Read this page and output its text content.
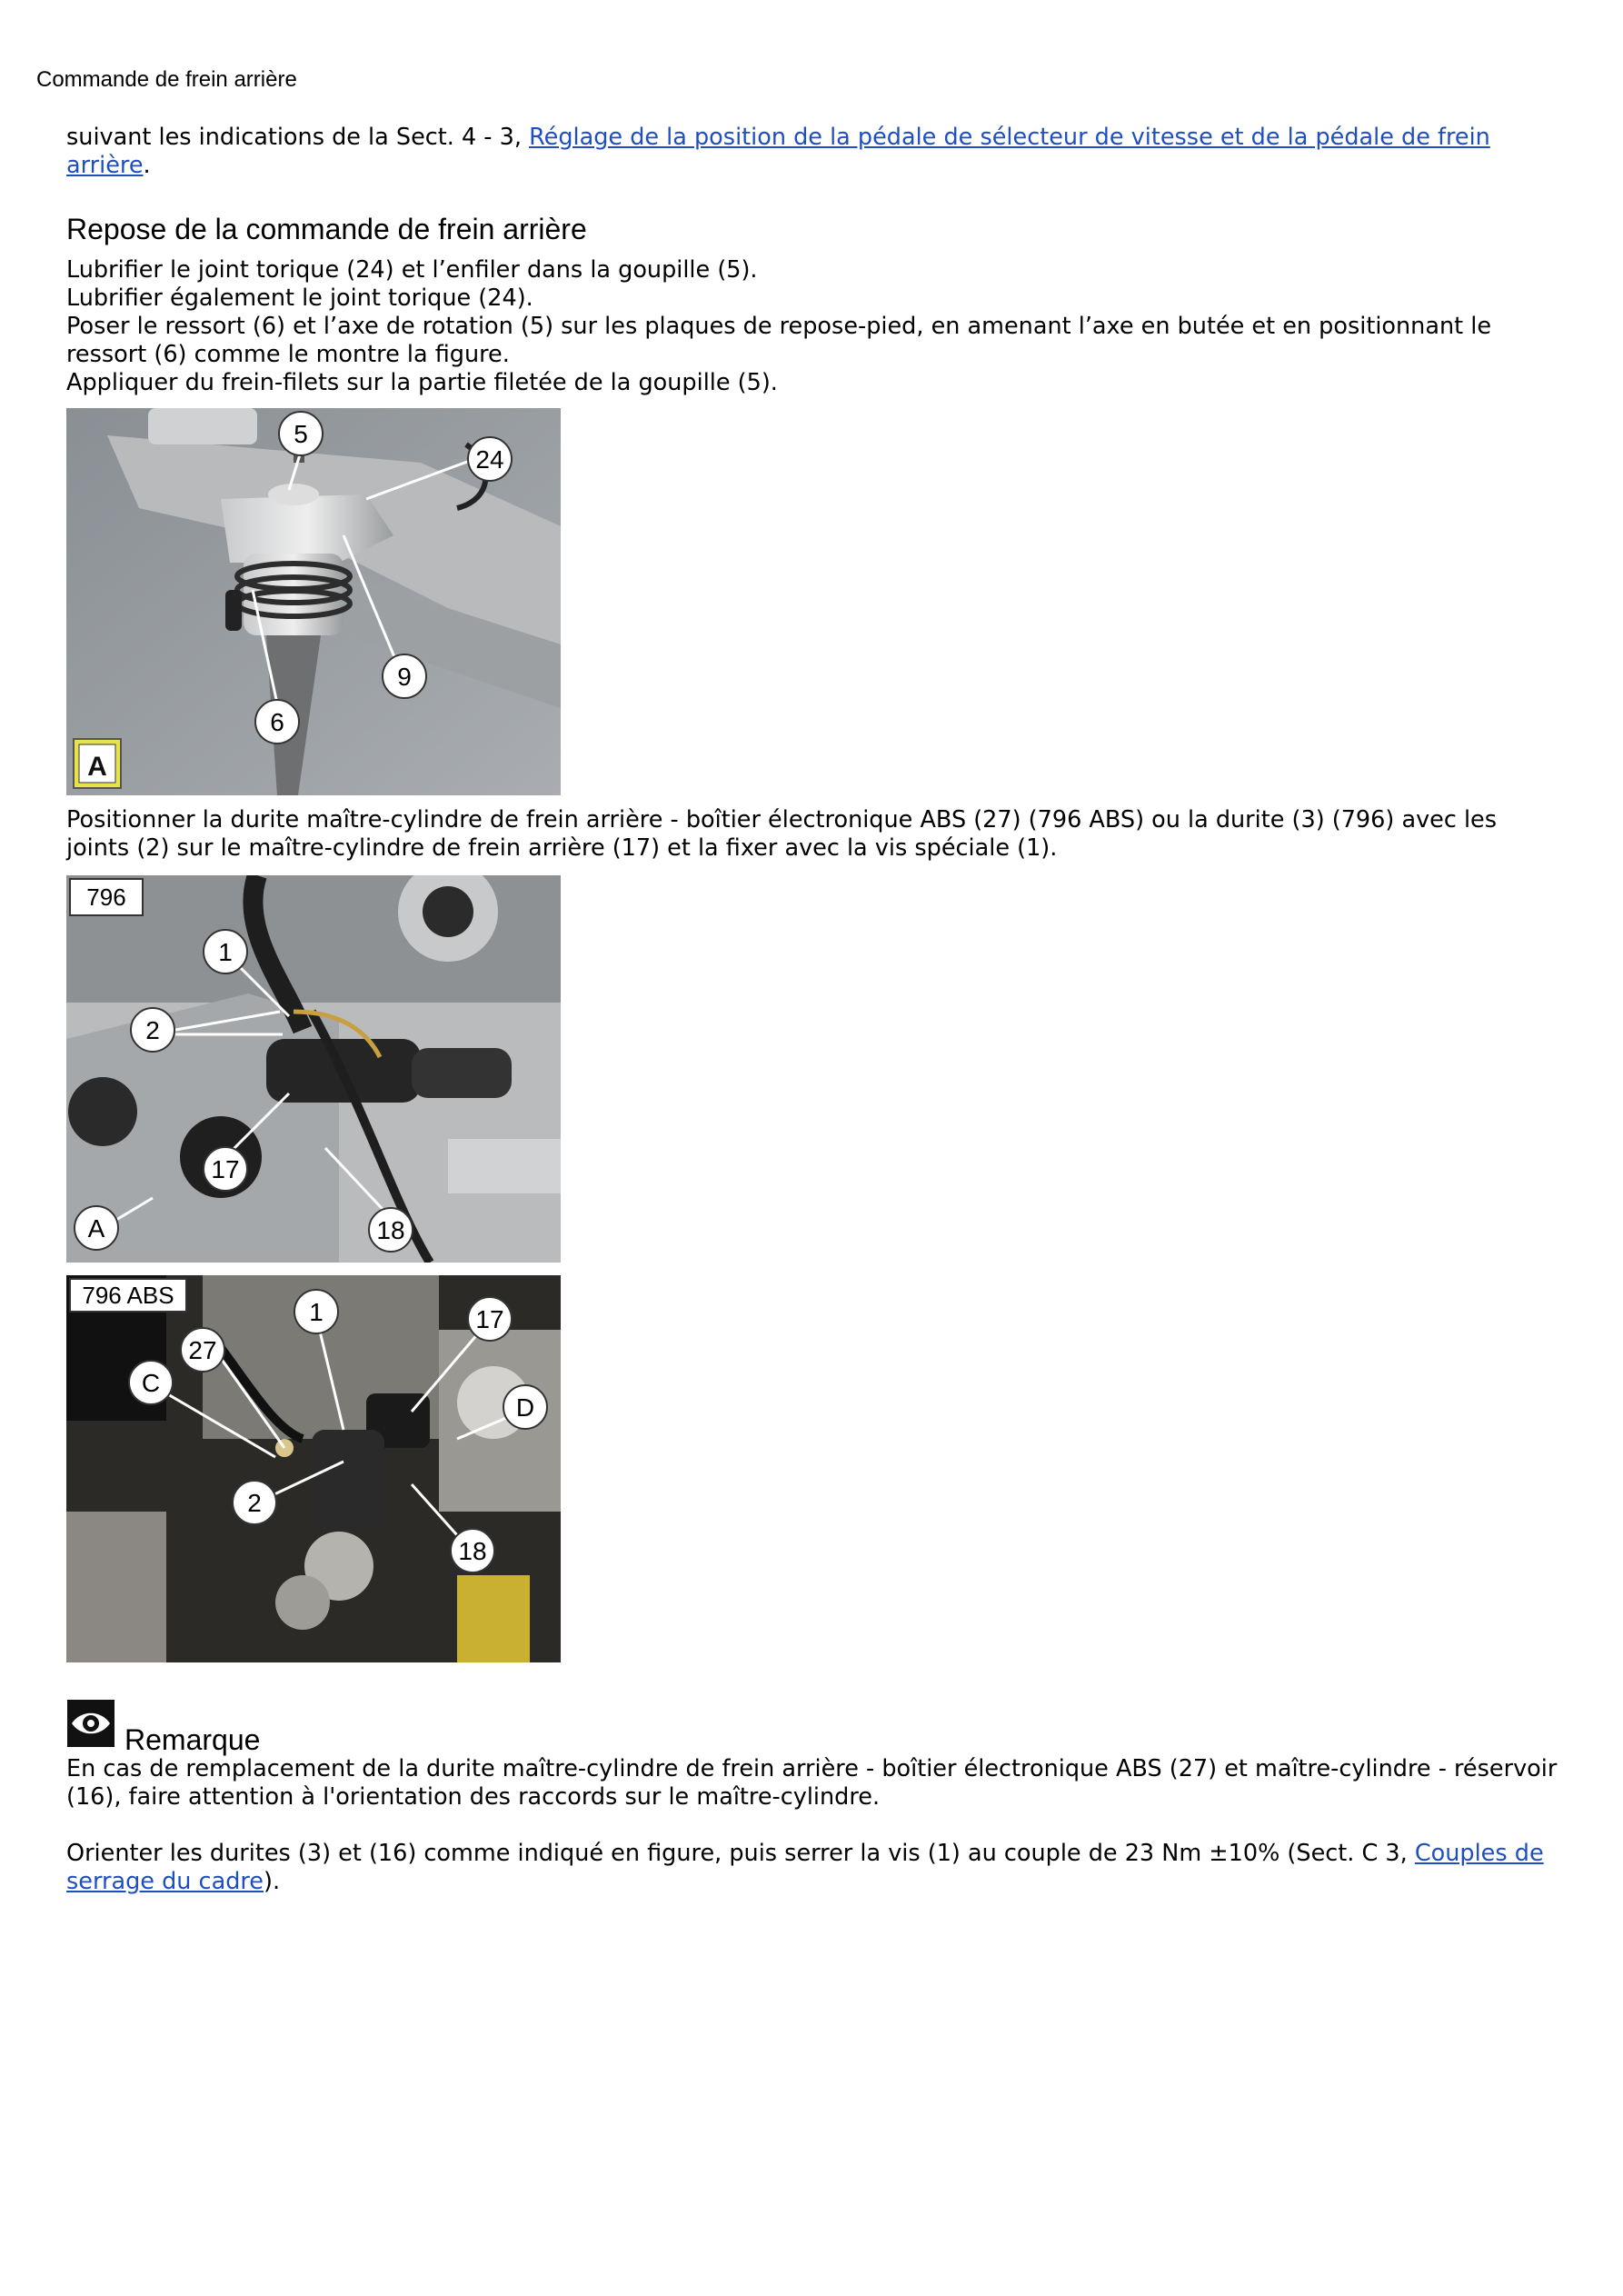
Commande de frein arrière

suivant les indications de la Sect. 4 - 3, Réglage de la position de la pédale de sélecteur de vitesse et de la pédale de frein arrière.

Repose de la commande de frein arrière

Lubrifier le joint torique (24) et l’enfiler dans la goupille (5).

Lubrifier également le joint torique (24).

Poser le ressort (6) et l’axe de rotation (5) sur les plaques de repose-pied, en amenant l’axe en butée et en positionnant le ressort (6) comme le montre la figure.

Appliquer du frein-filets sur la partie filetée de la goupille (5).

5
24
6
9
A

Positionner la durite maître-cylindre de frein arrière - boîtier électronique ABS (27) (796 ABS) ou la durite (3) (796) avec les joints (2) sur le maître-cylindre de frein arrière (17) et la fixer avec la vis spéciale (1).

796
1
2
17
18
A
796 ABS
1
27
17
C
D
2
18
Remarque

En cas de remplacement de la durite maître-cylindre de frein arrière - boîtier électronique ABS (27) et maître-cylindre - réservoir (16), faire attention à l'orientation des raccords sur le maître-cylindre.

Orienter les durites (3) et (16) comme indiqué en figure, puis serrer la vis (1) au couple de 23 Nm ±10% (Sect. C 3, Couples de serrage du cadre).
